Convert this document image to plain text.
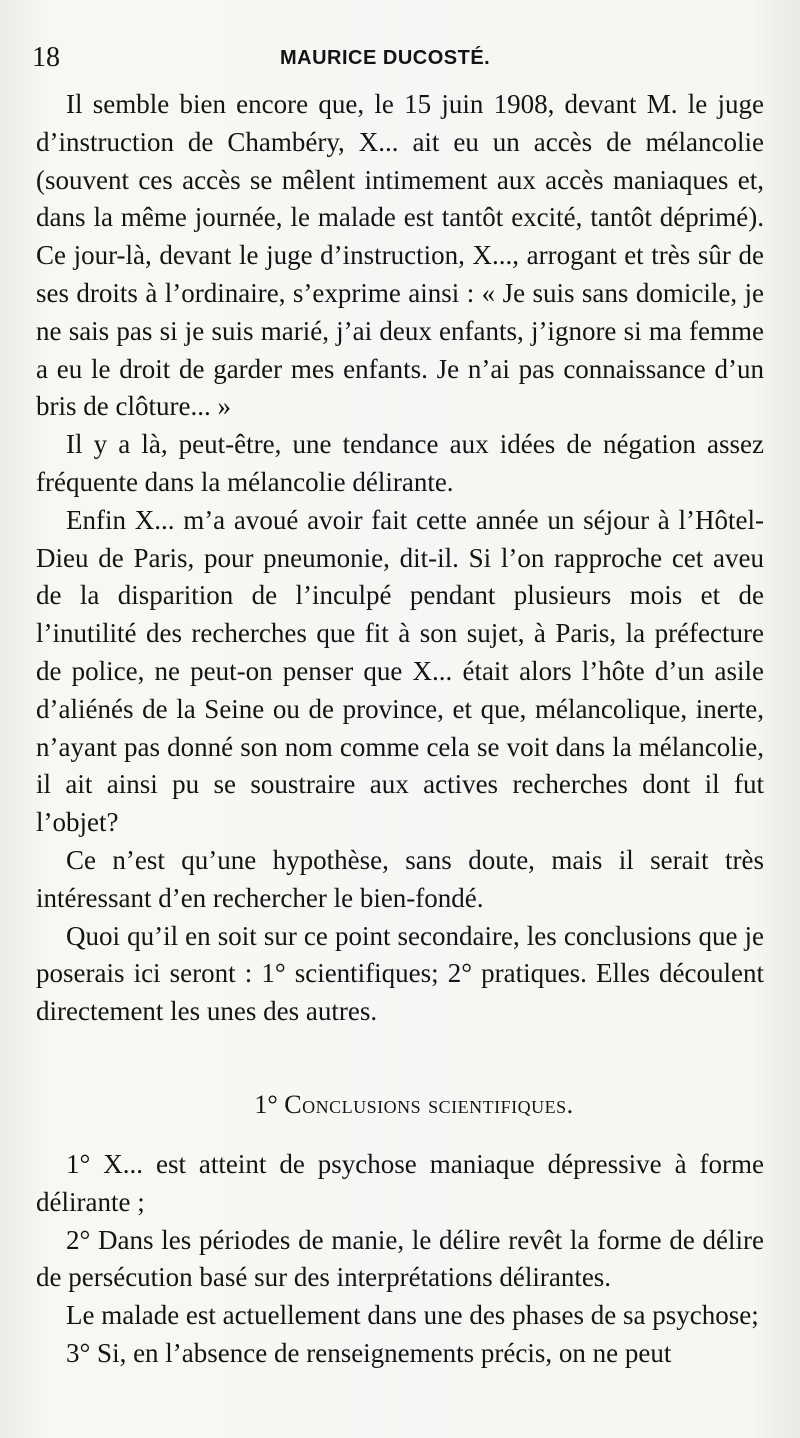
18	MAURICE DUCOSTÉ.

Il semble bien encore que, le 15 juin 1908, devant M. le juge d’instruction de Chambéry, X... ait eu un accès de mélancolie (souvent ces accès se mêlent intimement aux accès maniaques et, dans la même journée, le malade est tantôt excité, tantôt déprimé). Ce jour-là, devant le juge d’instruction, X..., arrogant et très sûr de ses droits à l’ordinaire, s’exprime ainsi : « Je suis sans domicile, je ne sais pas si je suis marié, j’ai deux enfants, j’ignore si ma femme a eu le droit de garder mes enfants. Je n’ai pas connaissance d’un bris de clôture... »

Il y a là, peut-être, une tendance aux idées de négation assez fréquente dans la mélancolie délirante.

Enfin X... m’a avoué avoir fait cette année un séjour à l’Hôtel-Dieu de Paris, pour pneumonie, dit-il. Si l’on rapproche cet aveu de la disparition de l’inculpé pendant plusieurs mois et de l’inutilité des recherches que fit à son sujet, à Paris, la préfecture de police, ne peut-on penser que X... était alors l’hôte d’un asile d’aliénés de la Seine ou de province, et que, mélancolique, inerte, n’ayant pas donné son nom comme cela se voit dans la mélancolie, il ait ainsi pu se soustraire aux actives recherches dont il fut l’objet?

Ce n’est qu’une hypothèse, sans doute, mais il serait très intéressant d’en rechercher le bien-fondé.

Quoi qu’il en soit sur ce point secondaire, les conclusions que je poserais ici seront : 1° scientifiques; 2° pratiques. Elles découlent directement les unes des autres.

1° Conclusions scientifiques.

1° X... est atteint de psychose maniaque dépressive à forme délirante ;

2° Dans les périodes de manie, le délire revêt la forme de délire de persécution basé sur des interprétations délirantes.

Le malade est actuellement dans une des phases de sa psychose;

3° Si, en l’absence de renseignements précis, on ne peut
